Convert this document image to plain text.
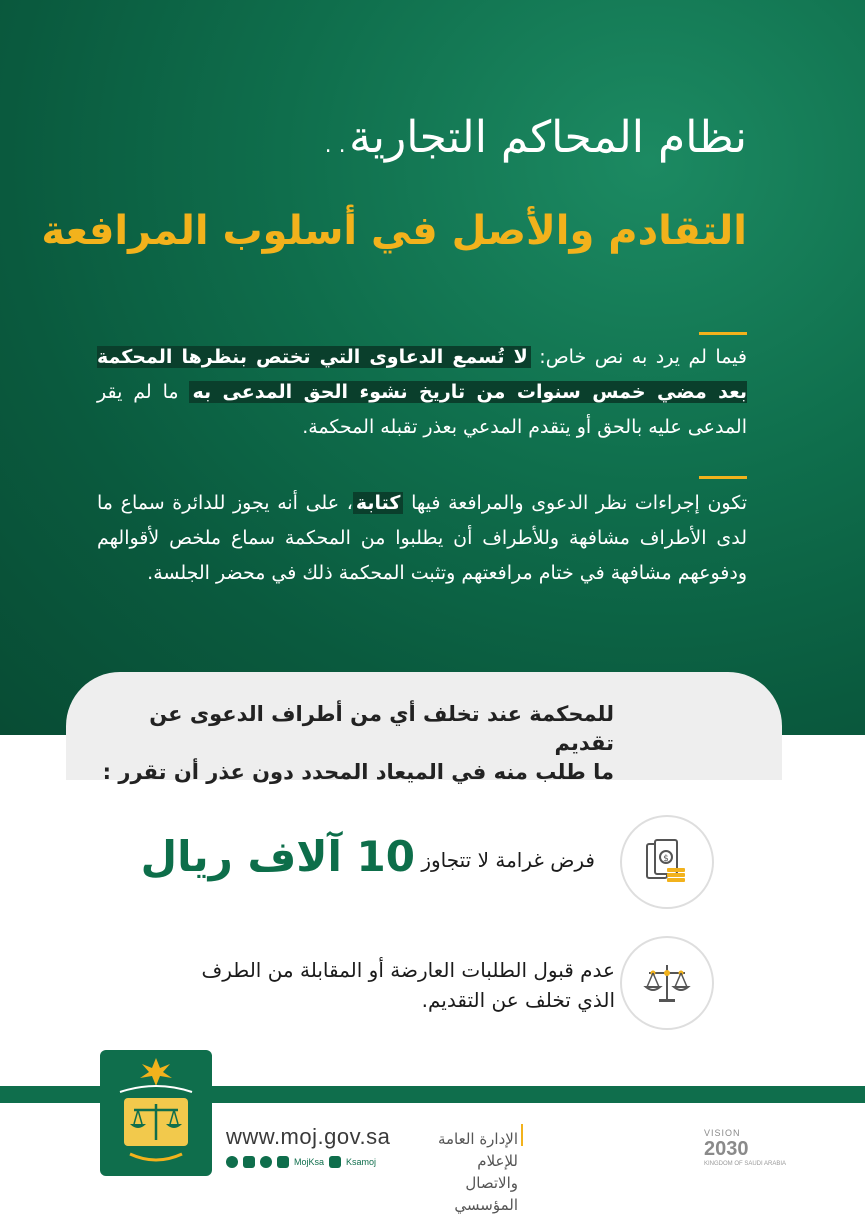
نظام المحاكم التجارية..
التقادم والأصل في أسلوب المرافعة

فيما لم يرد به نص خاص: لا تُسمع الدعاوى التي تختص بنظرها المحكمة بعد مضي خمس سنوات من تاريخ نشوء الحق المدعى به ما لم يقر المدعى عليه بالحق أو يتقدم المدعي بعذر تقبله المحكمة.

تكون إجراءات نظر الدعوى والمرافعة فيها كتابة، على أنه يجوز للدائرة سماع ما لدى الأطراف مشافهة وللأطراف أن يطلبوا من المحكمة سماع ملخص لأقوالهم ودفوعهم مشافهة في ختام مرافعتهم وتثبت المحكمة ذلك في محضر الجلسة.

للمحكمة عند تخلف أي من أطراف الدعوى عن تقديم
ما طلب منه في الميعاد المحدد دون عذر أن تقرر :
$
فرض غرامة لا تتجاوز
10 آلاف ريال
عدم قبول الطلبات العارضة أو المقابلة من الطرف
الذي تخلف عن التقديم.
www.moj.gov.sa
MojKsa Ksamoj
الإدارة العامة للإعلام
والاتصال المؤسسي
VISION
2030
KINGDOM OF SAUDI ARABIA
